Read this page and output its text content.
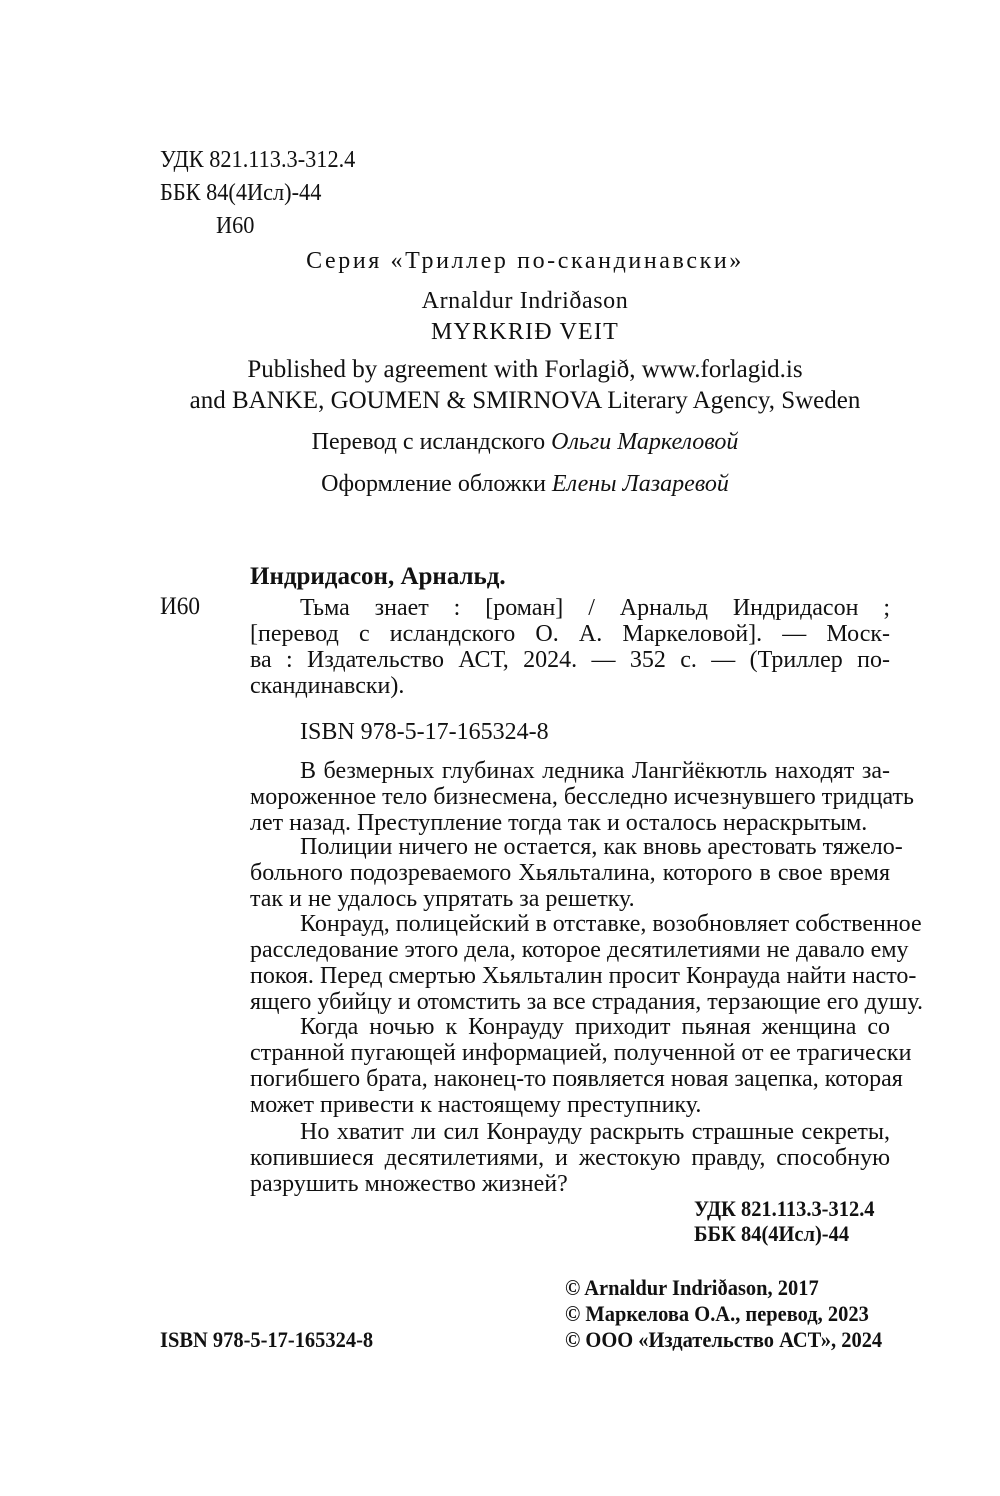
УДК 821.113.3-312.4
ББК 84(4Исл)-44
И60
Серия «Триллер по-скандинавски»
Arnaldur Indriðason
MYRKRIÐ VEIT
Published by agreement with Forlagið, www.forlagid.is
and BANKE, GOUMEN & SMIRNOVA Literary Agency, Sweden
Перевод с исландского Ольги Маркеловой
Оформление обложки Елены Лазаревой
Индридасон, Арнальд.
И60	Тьма знает : [роман] / Арнальд Индридасон ;
[перевод с исландского О. А. Маркеловой]. — Моск-
ва : Издательство АСТ, 2024. — 352 с. — (Триллер по-
скандинавски).
ISBN 978-5-17-165324-8
В безмерных глубинах ледника Лангйёкютль находят за-
мороженное тело бизнесмена, бесследно исчезнувшего тридцать
лет назад. Преступление тогда так и осталось нераскрытым.
Полиции ничего не остается, как вновь арестовать тяжело-
больного подозреваемого Хьяльталина, которого в свое время
так и не удалось упрятать за решетку.
Конрауд, полицейский в отставке, возобновляет собственное
расследование этого дела, которое десятилетиями не давало ему
покоя. Перед смертью Хьяльталин просит Конрауда найти насто-
ящего убийцу и отомстить за все страдания, терзающие его душу.
Когда ночью к Конрауду приходит пьяная женщина со
странной пугающей информацией, полученной от ее трагически
погибшего брата, наконец-то появляется новая зацепка, которая
может привести к настоящему преступнику.
Но хватит ли сил Конрауду раскрыть страшные секреты,
копившиеся десятилетиями, и жестокую правду, способную
разрушить множество жизней?
УДК 821.113.3-312.4
ББК 84(4Исл)-44
© Arnaldur Indriðason, 2017
© Маркелова О.А., перевод, 2023
© ООО «Издательство АСТ», 2024
ISBN 978-5-17-165324-8
